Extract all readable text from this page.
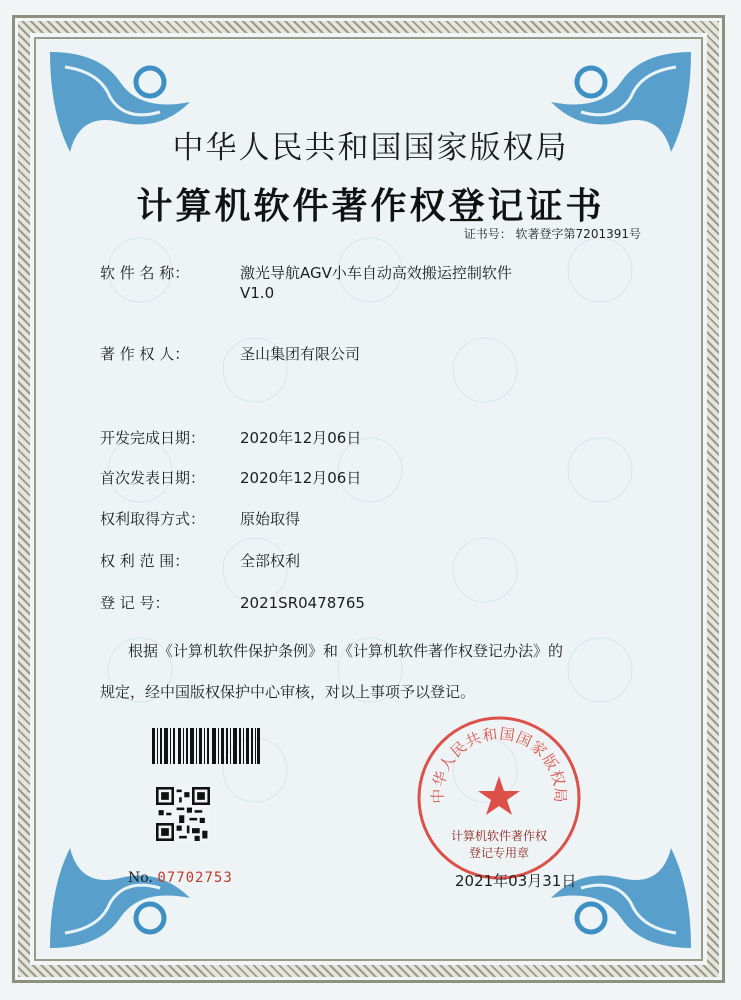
中华人民共和国国家版权局
计算机软件著作权登记证书
证书号： 软著登字第7201391号
软 件 名 称：	激光导航AGV小车自动高效搬运控制软件
V1.0
著 作 权 人：	圣山集团有限公司
开发完成日期： 2020年12月06日
首次发表日期： 2020年12月06日
权利取得方式： 原始取得
权 利 范 围：	全部权利
登 记 号：	2021SR0478765
根据《计算机软件保护条例》和《计算机软件著作权登记办法》的
规定，经中国版权保护中心审核，对以上事项予以登记。
No. 07702753
中华人民共和国国家版权局
计算机软件著作权
登记专用章
2021年03月31日
